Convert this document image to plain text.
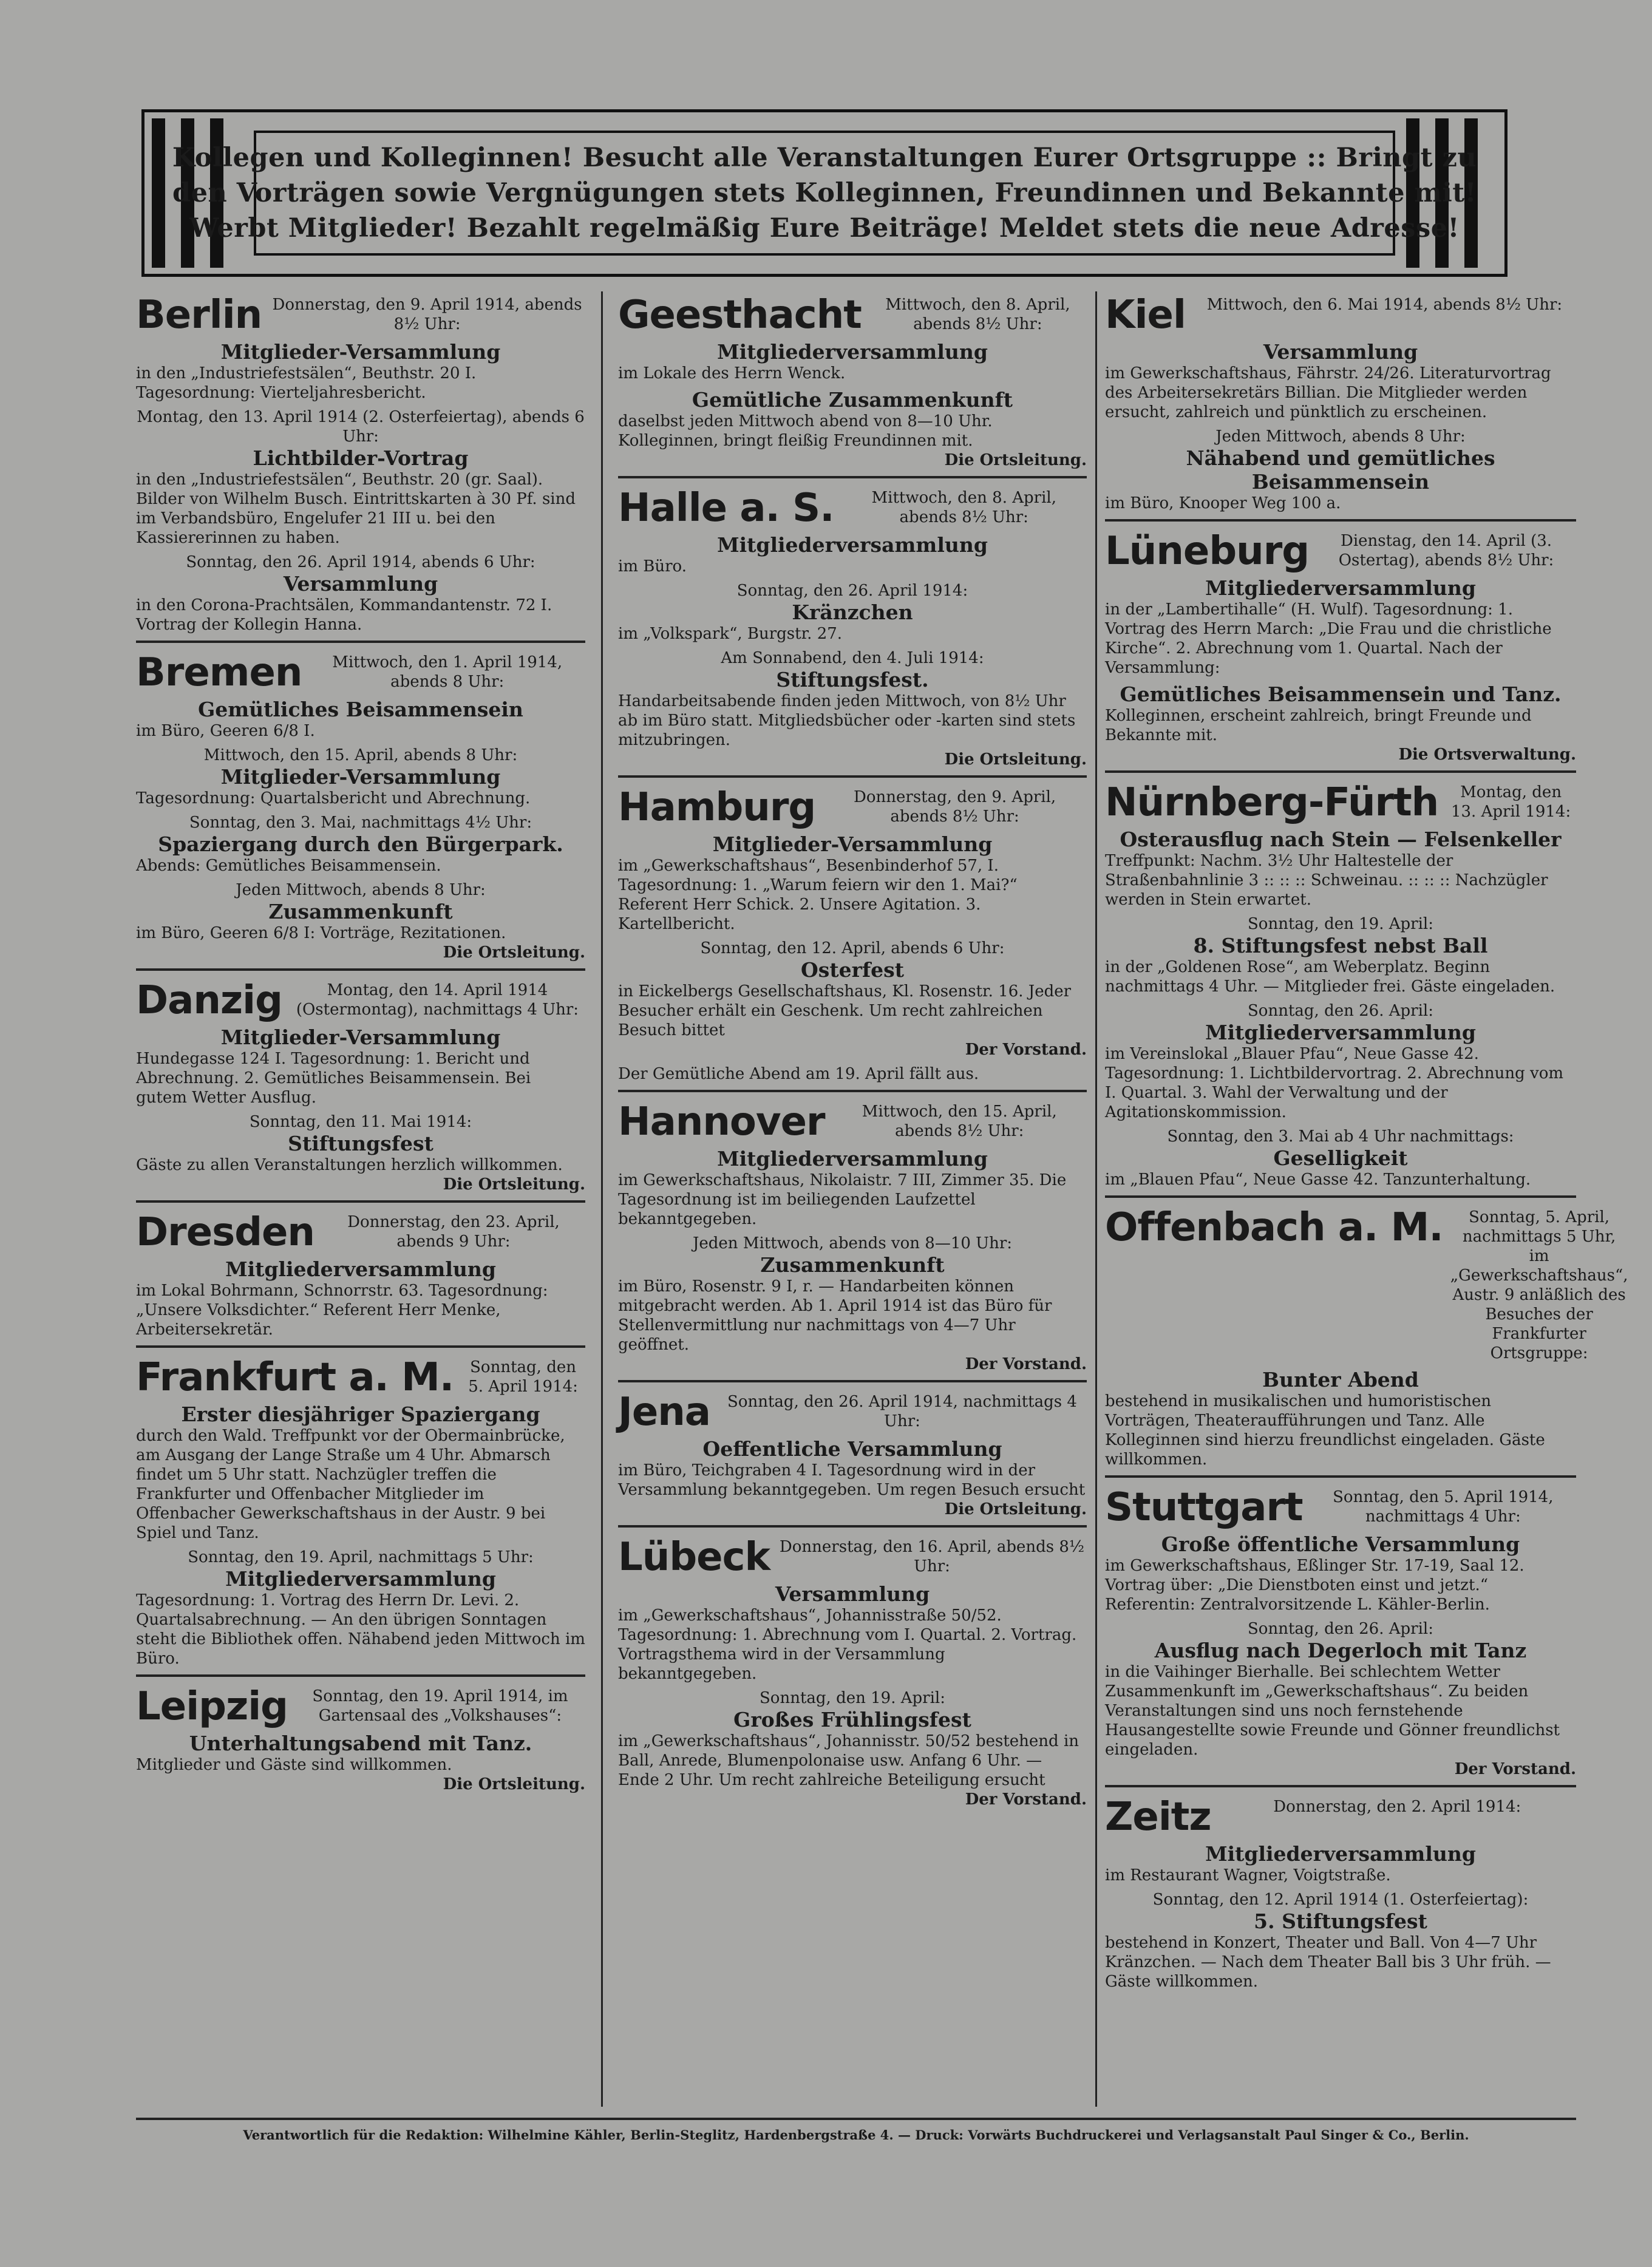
Kollegen und Kolleginnen! Besucht alle Veranstaltungen Eurer Ortsgruppe :: Bringt zu
den Vorträgen sowie Vergnügungen stets Kolleginnen, Freundinnen und Bekannte mit!
Werbt Mitglieder! Bezahlt regelmäßig Eure Beiträge! Meldet stets die neue Adresse!
Berlin Donnerstag, den 9. April 1914, abends 8½ Uhr:
Mitglieder-Versammlung
in den „Industriefestsälen“, Beuthstr. 20 I. Tagesordnung: Vierteljahresbericht.
Montag, den 13. April 1914 (2. Osterfeiertag), abends 6 Uhr:
Lichtbilder-Vortrag
in den „Industriefestsälen“, Beuthstr. 20 (gr. Saal). Bilder von Wilhelm Busch. Eintrittskarten à 30 Pf. sind im Verbandsbüro, Engelufer 21 III u. bei den Kassiererinnen zu haben.
Sonntag, den 26. April 1914, abends 6 Uhr:
Versammlung
in den Corona-Prachtsälen, Kommandantenstr. 72 I. Vortrag der Kollegin Hanna.
Bremen	Mittwoch, den 1. April 1914, abends 8 Uhr:
Gemütliches Beisammensein
im Büro, Geeren 6/8 I.
Mittwoch, den 15. April, abends 8 Uhr:
Mitglieder-Versammlung
Tagesordnung: Quartalsbericht und Abrechnung.
Sonntag, den 3. Mai, nachmittags 4½ Uhr:
Spaziergang durch den Bürgerpark.
Abends: Gemütliches Beisammensein.
Jeden Mittwoch, abends 8 Uhr:
Zusammenkunft
im Büro, Geeren 6/8 I: Vorträge, Rezitationen.
Die Ortsleitung.
Danzig	Montag, den 14. April 1914 (Ostermontag), nachmittags 4 Uhr:
Mitglieder-Versammlung
Hundegasse 124 I. Tagesordnung: 1. Bericht und Abrechnung. 2. Gemütliches Beisammensein. Bei gutem Wetter Ausflug.
Sonntag, den 11. Mai 1914:
Stiftungsfest
Gäste zu allen Veranstaltungen herzlich willkommen.
Die Ortsleitung.
Dresden	Donnerstag, den 23. April, abends 9 Uhr:
Mitgliederversammlung
im Lokal Bohrmann, Schnorrstr. 63. Tagesordnung: „Unsere Volksdichter.“ Referent Herr Menke, Arbeitersekretär.
Frankfurt a. M.	Sonntag, den 5. April 1914:
Erster diesjähriger Spaziergang
durch den Wald. Treffpunkt vor der Obermainbrücke, am Ausgang der Lange Straße um 4 Uhr. Abmarsch findet um 5 Uhr statt. Nachzügler treffen die Frankfurter und Offenbacher Mitglieder im Offenbacher Gewerkschaftshaus in der Austr. 9 bei Spiel und Tanz.
Sonntag, den 19. April, nachmittags 5 Uhr:
Mitgliederversammlung
Tagesordnung: 1. Vortrag des Herrn Dr. Levi. 2. Quartalsabrechnung. — An den übrigen Sonntagen steht die Bibliothek offen. Nähabend jeden Mittwoch im Büro.
Leipzig	Sonntag, den 19. April 1914, im Gartensaal des „Volkshauses“:
Unterhaltungsabend mit Tanz.
Mitglieder und Gäste sind willkommen.
Die Ortsleitung.
Geesthacht	Mittwoch, den 8. April, abends 8½ Uhr:
Mitgliederversammlung
im Lokale des Herrn Wenck.
Gemütliche Zusammenkunft
daselbst jeden Mittwoch abend von 8—10 Uhr. Kolleginnen, bringt fleißig Freundinnen mit.
Die Ortsleitung.
Halle a. S.	Mittwoch, den 8. April, abends 8½ Uhr:
Mitgliederversammlung
im Büro.
Sonntag, den 26. April 1914:
Kränzchen
im „Volkspark“, Burgstr. 27.
Am Sonnabend, den 4. Juli 1914:
Stiftungsfest.
Handarbeitsabende finden jeden Mittwoch, von 8½ Uhr ab im Büro statt. Mitgliedsbücher oder -karten sind stets mitzubringen.
Die Ortsleitung.
Hamburg	Donnerstag, den 9. April, abends 8½ Uhr:
Mitglieder-Versammlung
im „Gewerkschaftshaus“, Besenbinderhof 57, I. Tagesordnung: 1. „Warum feiern wir den 1. Mai?“ Referent Herr Schick. 2. Unsere Agitation. 3. Kartellbericht.
Sonntag, den 12. April, abends 6 Uhr:
Osterfest
in Eickelbergs Gesellschaftshaus, Kl. Rosenstr. 16. Jeder Besucher erhält ein Geschenk. Um recht zahlreichen Besuch bittet
Der Vorstand.
Der Gemütliche Abend am 19. April fällt aus.
Hannover	Mittwoch, den 15. April, abends 8½ Uhr:
Mitgliederversammlung
im Gewerkschaftshaus, Nikolaistr. 7 III, Zimmer 35. Die Tagesordnung ist im beiliegenden Laufzettel bekanntgegeben.
Jeden Mittwoch, abends von 8—10 Uhr:
Zusammenkunft
im Büro, Rosenstr. 9 I, r. — Handarbeiten können mitgebracht werden. Ab 1. April 1914 ist das Büro für Stellenvermittlung nur nachmittags von 4—7 Uhr geöffnet.
Der Vorstand.
Jena	Sonntag, den 26. April 1914, nachmittags 4 Uhr:
Oeffentliche Versammlung
im Büro, Teichgraben 4 I. Tagesordnung wird in der Versammlung bekanntgegeben. Um regen Besuch ersucht
Die Ortsleitung.
Lübeck Donnerstag, den 16. April, abends 8½ Uhr:
Versammlung
im „Gewerkschaftshaus“, Johannisstraße 50/52. Tagesordnung: 1. Abrechnung vom I. Quartal. 2. Vortrag. Vortragsthema wird in der Versammlung bekanntgegeben.
Sonntag, den 19. April:
Großes Frühlingsfest
im „Gewerkschaftshaus“, Johannisstr. 50/52 bestehend in Ball, Anrede, Blumenpolonaise usw. Anfang 6 Uhr. — Ende 2 Uhr. Um recht zahlreiche Beteiligung ersucht
Der Vorstand.
Kiel	Mittwoch, den 6. Mai 1914, abends 8½ Uhr:
Versammlung
im Gewerkschaftshaus, Fährstr. 24/26. Literaturvortrag des Arbeitersekretärs Billian. Die Mitglieder werden ersucht, zahlreich und pünktlich zu erscheinen.
Jeden Mittwoch, abends 8 Uhr:
Nähabend und gemütliches Beisammensein
im Büro, Knooper Weg 100 a.
Lüneburg	Dienstag, den 14. April (3. Ostertag), abends 8½ Uhr:
Mitgliederversammlung
in der „Lambertihalle“ (H. Wulf). Tagesordnung: 1. Vortrag des Herrn March: „Die Frau und die christliche Kirche“. 2. Abrechnung vom 1. Quartal. Nach der Versammlung:
Gemütliches Beisammensein und Tanz.
Kolleginnen, erscheint zahlreich, bringt Freunde und Bekannte mit.
Die Ortsverwaltung.
Nürnberg-Fürth	Montag, den 13. April 1914:
Osterausflug nach Stein — Felsenkeller
Treffpunkt: Nachm. 3½ Uhr Haltestelle der Straßenbahnlinie 3 :: :: :: Schweinau. :: :: :: Nachzügler werden in Stein erwartet.
Sonntag, den 19. April:
8. Stiftungsfest nebst Ball
in der „Goldenen Rose“, am Weberplatz. Beginn nachmittags 4 Uhr. — Mitglieder frei. Gäste eingeladen.
Sonntag, den 26. April:
Mitgliederversammlung
im Vereinslokal „Blauer Pfau“, Neue Gasse 42. Tagesordnung: 1. Lichtbildervortrag. 2. Abrechnung vom I. Quartal. 3. Wahl der Verwaltung und der Agitationskommission.
Sonntag, den 3. Mai ab 4 Uhr nachmittags:
Geselligkeit
im „Blauen Pfau“, Neue Gasse 42. Tanzunterhaltung.
Offenbach a. M.	Sonntag, 5. April, nachmittags 5 Uhr, im „Gewerkschaftshaus“, Austr. 9 anläßlich des Besuches der Frankfurter Ortsgruppe:
Bunter Abend
bestehend in musikalischen und humoristischen Vorträgen, Theateraufführungen und Tanz. Alle Kolleginnen sind hierzu freundlichst eingeladen. Gäste willkommen.
Stuttgart	Sonntag, den 5. April 1914, nachmittags 4 Uhr:
Große öffentliche Versammlung
im Gewerkschaftshaus, Eßlinger Str. 17-19, Saal 12. Vortrag über: „Die Dienstboten einst und jetzt.“ Referentin: Zentralvorsitzende L. Kähler-Berlin.
Sonntag, den 26. April:
Ausflug nach Degerloch mit Tanz
in die Vaihinger Bierhalle. Bei schlechtem Wetter Zusammenkunft im „Gewerkschaftshaus“. Zu beiden Veranstaltungen sind uns noch fernstehende Hausangestellte sowie Freunde und Gönner freundlichst eingeladen.
Der Vorstand.
Zeitz	Donnerstag, den 2. April 1914:
Mitgliederversammlung
im Restaurant Wagner, Voigtstraße.
Sonntag, den 12. April 1914 (1. Osterfeiertag):
5. Stiftungsfest
bestehend in Konzert, Theater und Ball. Von 4—7 Uhr Kränzchen. — Nach dem Theater Ball bis 3 Uhr früh. — Gäste willkommen.
Verantwortlich für die Redaktion: Wilhelmine Kähler, Berlin-Steglitz, Hardenbergstraße 4. — Druck: Vorwärts Buchdruckerei und Verlagsanstalt Paul Singer & Co., Berlin.
